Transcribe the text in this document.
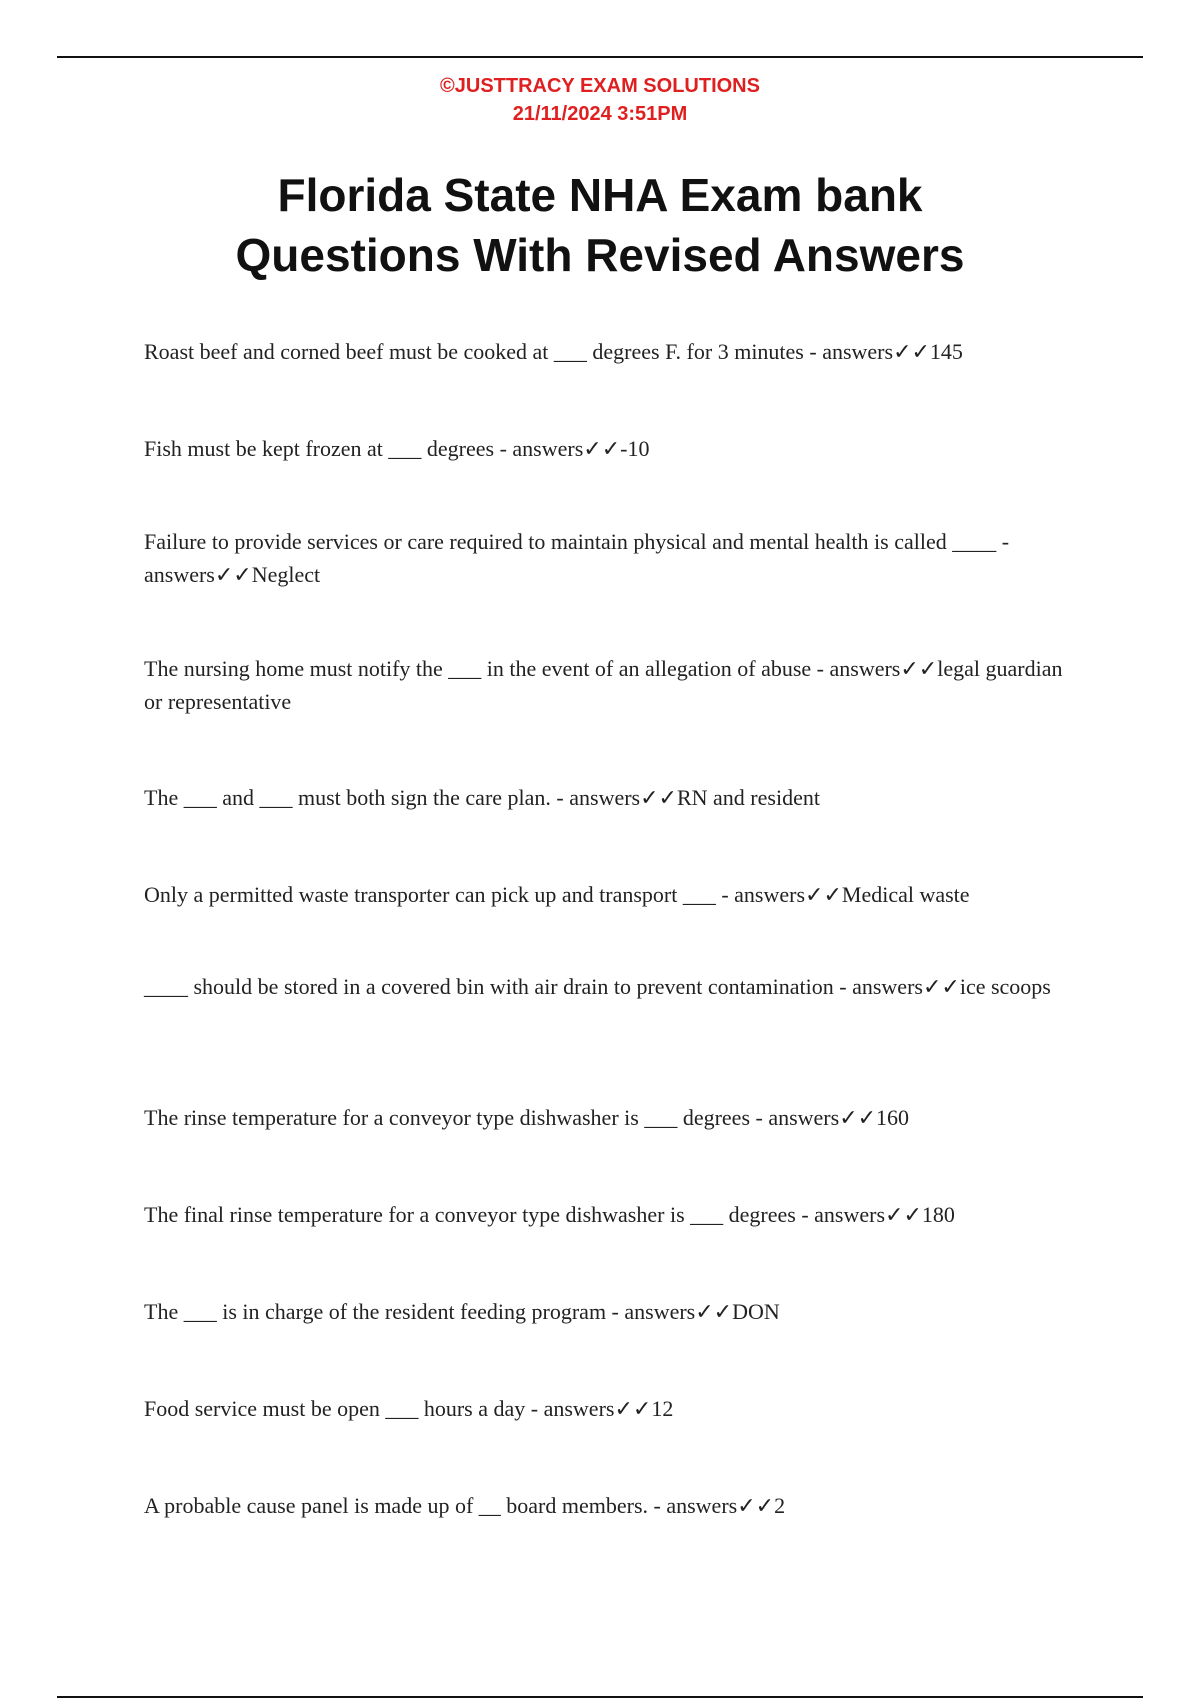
©JUSTTRACY EXAM SOLUTIONS
21/11/2024 3:51PM
Florida State NHA Exam bank
Questions With Revised Answers
Roast beef and corned beef must be cooked at ___ degrees F. for 3 minutes - answers✓✓145
Fish must be kept frozen at ___ degrees - answers✓✓-10
Failure to provide services or care required to maintain physical and mental health is called ____ - answers✓✓Neglect
The nursing home must notify the ___ in the event of an allegation of abuse - answers✓✓legal guardian or representative
The ___ and ___ must both sign the care plan. - answers✓✓RN and resident
Only a permitted waste transporter can pick up and transport ___ - answers✓✓Medical waste
____ should be stored in a covered bin with air drain to prevent contamination - answers✓✓ice scoops
The rinse temperature for a conveyor type dishwasher is ___ degrees - answers✓✓160
The final rinse temperature for a conveyor type dishwasher is ___ degrees - answers✓✓180
The ___ is in charge of the resident feeding program - answers✓✓DON
Food service must be open ___ hours a day - answers✓✓12
A probable cause panel is made up of __ board members. - answers✓✓2
